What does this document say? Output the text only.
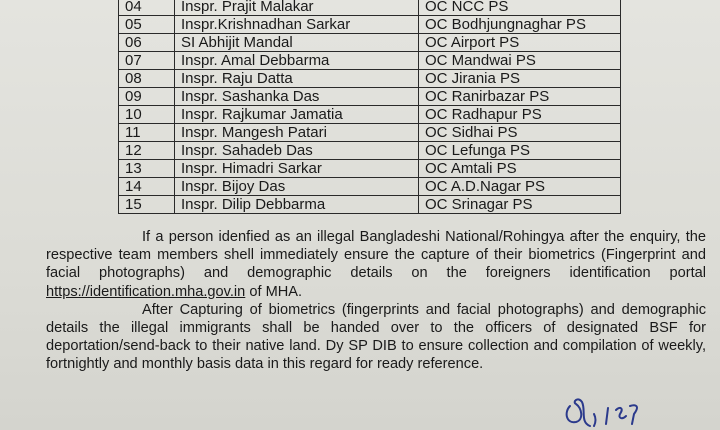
04	Inspr. Prajit Malakar	OC NCC PS
05	Inspr.Krishnadhan Sarkar	OC Bodhjungnaghar PS
06	SI Abhijit Mandal	OC Airport PS
07	Inspr. Amal Debbarma	OC Mandwai PS
08	Inspr. Raju Datta	OC Jirania PS
09	Inspr. Sashanka Das	OC Ranirbazar PS
10	Inspr. Rajkumar Jamatia	OC Radhapur PS
11	Inspr. Mangesh Patari	OC Sidhai PS
12	Inspr. Sahadeb Das	OC Lefunga PS
13	Inspr. Himadri Sarkar	OC Amtali PS
14	Inspr. Bijoy Das	OC A.D.Nagar PS
15	Inspr. Dilip Debbarma	OC Srinagar PS

If a person idenfied as an illegal Bangladeshi National/Rohingya after the enquiry, the respective team members shell immediately ensure the capture of their biometrics (Fingerprint and facial photographs) and demographic details on the foreigners identification portal https://identification.mha.gov.in of MHA.

After Capturing of biometrics (fingerprints and facial photographs) and demographic details the illegal immigrants shall be handed over to the officers of designated BSF for deportation/send-back to their native land. Dy SP DIB to ensure collection and compilation of weekly, fortnightly and monthly basis data in this regard for ready reference.
